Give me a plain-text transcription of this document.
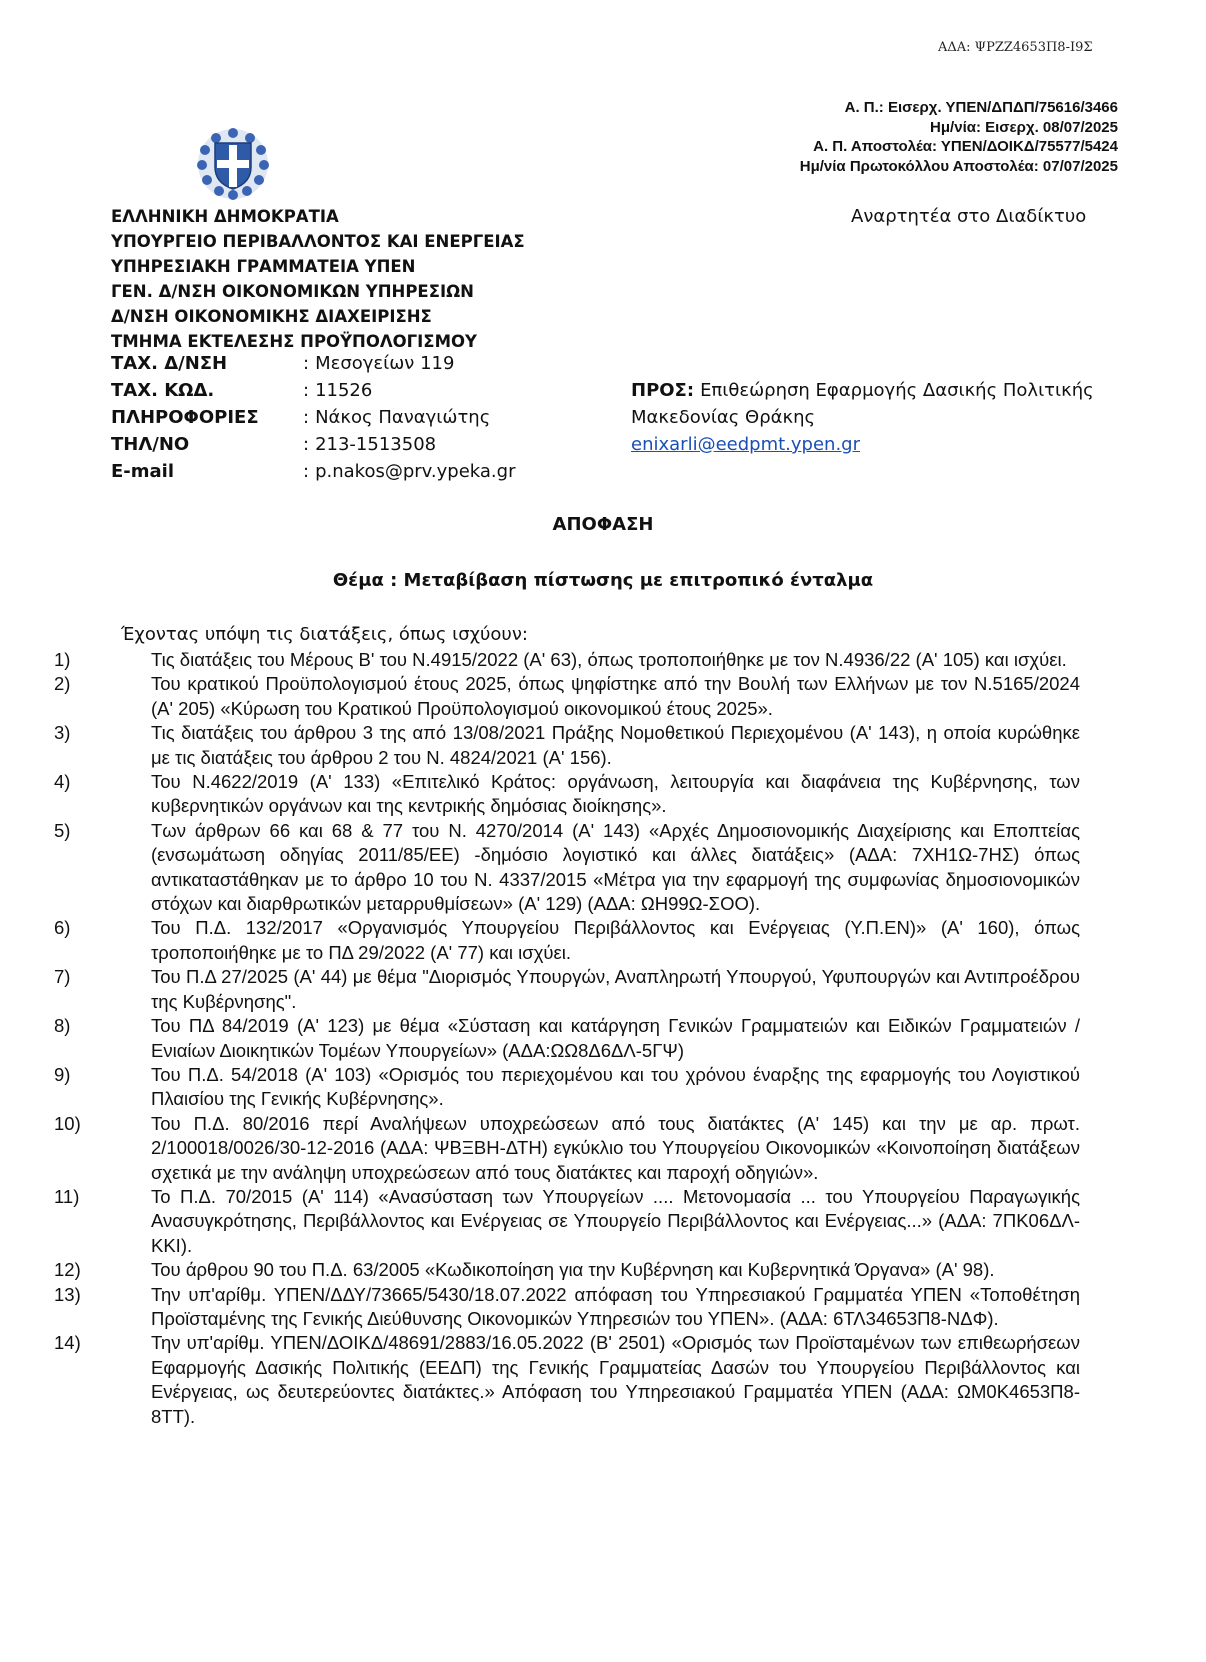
ΑΔΑ: ΨΡΖΖ4653Π8-Ι9Σ
Α. Π.: Εισερχ. ΥΠΕΝ/ΔΠΔΠ/75616/3466
Ημ/νία: Εισερχ. 08/07/2025
Α. Π. Αποστολέα: ΥΠΕΝ/ΔΟΙΚΔ/75577/5424
Ημ/νία Πρωτοκόλλου Αποστολέα: 07/07/2025
Αναρτητέα στο Διαδίκτυο
ΕΛΛΗΝΙΚΗ ΔΗΜΟΚΡΑΤΙΑ
ΥΠΟΥΡΓΕΙΟ ΠΕΡΙΒΑΛΛΟΝΤΟΣ ΚΑΙ ΕΝΕΡΓΕΙΑΣ
ΥΠΗΡΕΣΙΑΚΗ ΓΡΑΜΜΑΤΕΙΑ ΥΠΕΝ
ΓΕΝ. Δ/ΝΣΗ ΟΙΚΟΝΟΜΙΚΩΝ ΥΠΗΡΕΣΙΩΝ
Δ/ΝΣΗ ΟΙΚΟΝΟΜΙΚΗΣ ΔΙΑΧΕΙΡΙΣΗΣ
ΤΜΗΜΑ ΕΚΤΕΛΕΣΗΣ ΠΡΟΫΠΟΛΟΓΙΣΜΟΥ
ΤΑΧ. Δ/ΝΣΗ	: Μεσογείων 119
ΤΑΧ. ΚΩΔ.	: 11526
ΠΛΗΡΟΦΟΡΙΕΣ	: Νάκος Παναγιώτης
ΤΗΛ/ΝΟ	: 213-1513508
E-mail	: p.nakos@prv.ypeka.gr
ΠΡΟΣ: Επιθεώρηση Εφαρμογής Δασικής Πολιτικής
Μακεδονίας Θράκης
enixarli@eedpmt.ypen.gr
ΑΠΟΦΑΣΗ
Θέμα : Μεταβίβαση πίστωσης με επιτροπικό ένταλμα
Έχοντας υπόψη τις διατάξεις, όπως ισχύουν:
1)	Τις διατάξεις του Μέρους Β' του Ν.4915/2022 (Α' 63), όπως τροποποιήθηκε με τον Ν.4936/22 (Α' 105) και ισχύει.
2)	Του κρατικού Προϋπολογισμού έτους 2025, όπως ψηφίστηκε από την Βουλή των Ελλήνων με τον Ν.5165/2024 (Α' 205) «Κύρωση του Κρατικού Προϋπολογισμού οικονομικού έτους 2025».
3)	Τις διατάξεις του άρθρου 3 της από 13/08/2021 Πράξης Νομοθετικού Περιεχομένου (Α' 143), η οποία κυρώθηκε με τις διατάξεις του άρθρου 2 του Ν. 4824/2021 (Α' 156).
4)	Του Ν.4622/2019 (Α' 133) «Επιτελικό Κράτος: οργάνωση, λειτουργία και διαφάνεια της Κυβέρνησης, των κυβερνητικών οργάνων και της κεντρικής δημόσιας διοίκησης».
5)	Των άρθρων 66 και 68 & 77 του Ν. 4270/2014 (Α' 143) «Αρχές Δημοσιονομικής Διαχείρισης και Εποπτείας (ενσωμάτωση οδηγίας 2011/85/ΕΕ) -δημόσιο λογιστικό και άλλες διατάξεις» (ΑΔΑ: 7ΧΗ1Ω-7ΗΣ) όπως αντικαταστάθηκαν με το άρθρο 10 του Ν. 4337/2015 «Μέτρα για την εφαρμογή της συμφωνίας δημοσιονομικών στόχων και διαρθρωτικών μεταρρυθμίσεων» (Α' 129) (ΑΔΑ: ΩΗ99Ω-ΣΟΟ).
6)	Του Π.Δ. 132/2017 «Οργανισμός Υπουργείου Περιβάλλοντος και Ενέργειας (Υ.Π.ΕΝ)» (Α' 160), όπως τροποποιήθηκε με το ΠΔ 29/2022 (Α' 77) και ισχύει.
7)	Του Π.Δ 27/2025 (Α' 44) με θέμα "Διορισμός Υπουργών, Αναπληρωτή Υπουργού, Υφυπουργών και Αντιπροέδρου της Κυβέρνησης".
8)	Του ΠΔ 84/2019 (Α' 123) με θέμα «Σύσταση και κατάργηση Γενικών Γραμματειών και Ειδικών Γραμματειών /Ενιαίων Διοικητικών Τομέων Υπουργείων» (ΑΔΑ:ΩΩ8Δ6ΔΛ-5ΓΨ)
9)	Του Π.Δ. 54/2018 (Α' 103) «Ορισμός του περιεχομένου και του χρόνου έναρξης της εφαρμογής του Λογιστικού Πλαισίου της Γενικής Κυβέρνησης».
10)	Του Π.Δ. 80/2016 περί Αναλήψεων υποχρεώσεων από τους διατάκτες (Α' 145) και την με αρ. πρωτ. 2/100018/0026/30-12-2016 (ΑΔΑ: ΨΒΞΒΗ-ΔΤΗ) εγκύκλιο του Υπουργείου Οικονομικών «Κοινοποίηση διατάξεων σχετικά με την ανάληψη υποχρεώσεων από τους διατάκτες και παροχή οδηγιών».
11)	Το Π.Δ. 70/2015 (Α' 114) «Ανασύσταση των Υπουργείων .... Μετονομασία ... του Υπουργείου Παραγωγικής Ανασυγκρότησης, Περιβάλλοντος και Ενέργειας σε Υπουργείο Περιβάλλοντος και Ενέργειας...» (ΑΔΑ: 7ΠΚ06ΔΛ-ΚΚΙ).
12)	Του άρθρου 90 του Π.Δ. 63/2005 «Κωδικοποίηση για την Κυβέρνηση και Κυβερνητικά Όργανα» (Α' 98).
13)	Την υπ'αρίθμ. ΥΠΕΝ/ΔΔΥ/73665/5430/18.07.2022 απόφαση του Υπηρεσιακού Γραμματέα ΥΠΕΝ «Τοποθέτηση Προϊσταμένης της Γενικής Διεύθυνσης Οικονομικών Υπηρεσιών του ΥΠΕΝ». (ΑΔΑ: 6ΤΛ34653Π8-ΝΔΦ).
14)	Την υπ'αρίθμ. ΥΠΕΝ/ΔΟΙΚΔ/48691/2883/16.05.2022 (Β' 2501) «Ορισμός των Προϊσταμένων των επιθεωρήσεων Εφαρμογής Δασικής Πολιτικής (ΕΕΔΠ) της Γενικής Γραμματείας Δασών του Υπουργείου Περιβάλλοντος και Ενέργειας, ως δευτερεύοντες διατάκτες.» Απόφαση του Υπηρεσιακού Γραμματέα ΥΠΕΝ (ΑΔΑ: ΩΜ0Κ4653Π8-8ΤΤ).
